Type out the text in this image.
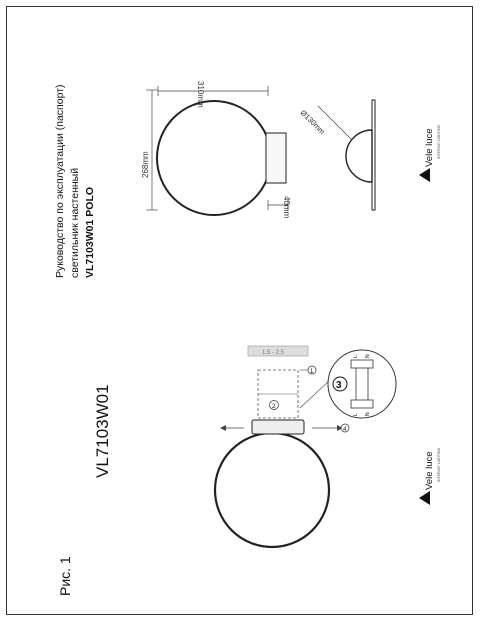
Рис. 1
VL7103W01
Руководство по эксплуатации (паспорт) светильник настенный VL7103W01 POLO
Vele luce INTERIOR LIGHTING
Vele luce INTERIOR LIGHTING
268mm
310mm
40mm
Ø130mm
1.5 - 2.5
1
2
4
L N
L N
3
